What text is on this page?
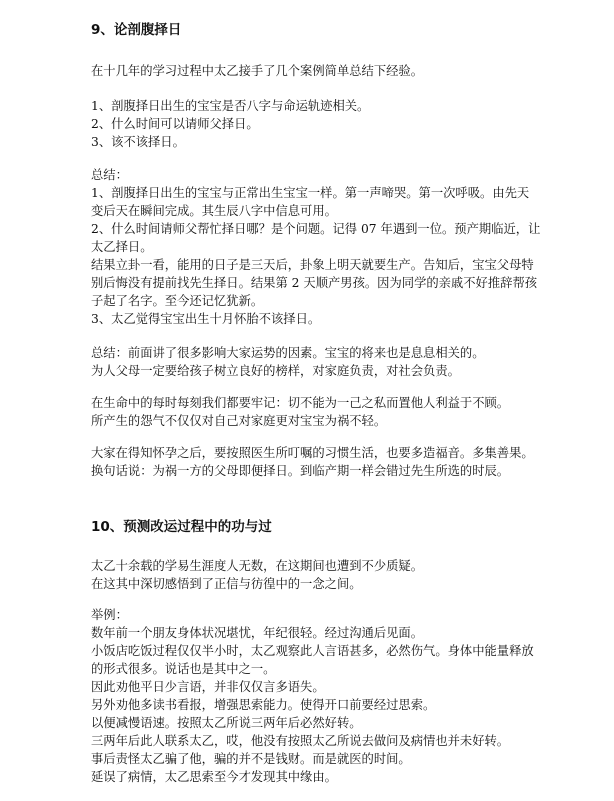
9、论剖腹择日
在十几年的学习过程中太乙接手了几个案例简单总结下经验。
1、剖腹择日出生的宝宝是否八字与命运轨迹相关。
2、什么时间可以请师父择日。
3、该不该择日。
总结：
1、剖腹择日出生的宝宝与正常出生宝宝一样。第一声啼哭。第一次呼吸。由先天
变后天在瞬间完成。其生辰八字中信息可用。
2、什么时间请师父帮忙择日哪？是个问题。记得 07 年遇到一位。预产期临近，让
太乙择日。
结果立卦一看，能用的日子是三天后，卦象上明天就要生产。告知后，宝宝父母特
别后悔没有提前找先生择日。结果第 2 天顺产男孩。因为同学的亲戚不好推辞帮孩
子起了名字。至今还记忆犹新。
3、太乙觉得宝宝出生十月怀胎不该择日。
总结：前面讲了很多影响大家运势的因素。宝宝的将来也是息息相关的。
为人父母一定要给孩子树立良好的榜样，对家庭负责，对社会负责。
在生命中的每时每刻我们都要牢记：切不能为一己之私而置他人利益于不顾。
所产生的怨气不仅仅对自己对家庭更对宝宝为祸不轻。
大家在得知怀孕之后，要按照医生所叮嘱的习惯生活，也要多造福音。多集善果。
换句话说：为祸一方的父母即便择日。到临产期一样会错过先生所选的时辰。
10、预测改运过程中的功与过
太乙十余载的学易生涯度人无数，在这期间也遭到不少质疑。
在这其中深切感悟到了正信与彷徨中的一念之间。
举例：
数年前一个朋友身体状况堪忧，年纪很轻。经过沟通后见面。
小饭店吃饭过程仅仅半小时，太乙观察此人言语甚多，必然伤气。身体中能量释放
的形式很多。说话也是其中之一。
因此劝他平日少言语，并非仅仅言多语失。
另外劝他多读书看报，增强思索能力。使得开口前要经过思索。
以便减慢语速。按照太乙所说三两年后必然好转。
三两年后此人联系太乙，哎，他没有按照太乙所说去做问及病情也并未好转。
事后责怪太乙骗了他，骗的并不是钱财。而是就医的时间。
延误了病情，太乙思索至今才发现其中缘由。
